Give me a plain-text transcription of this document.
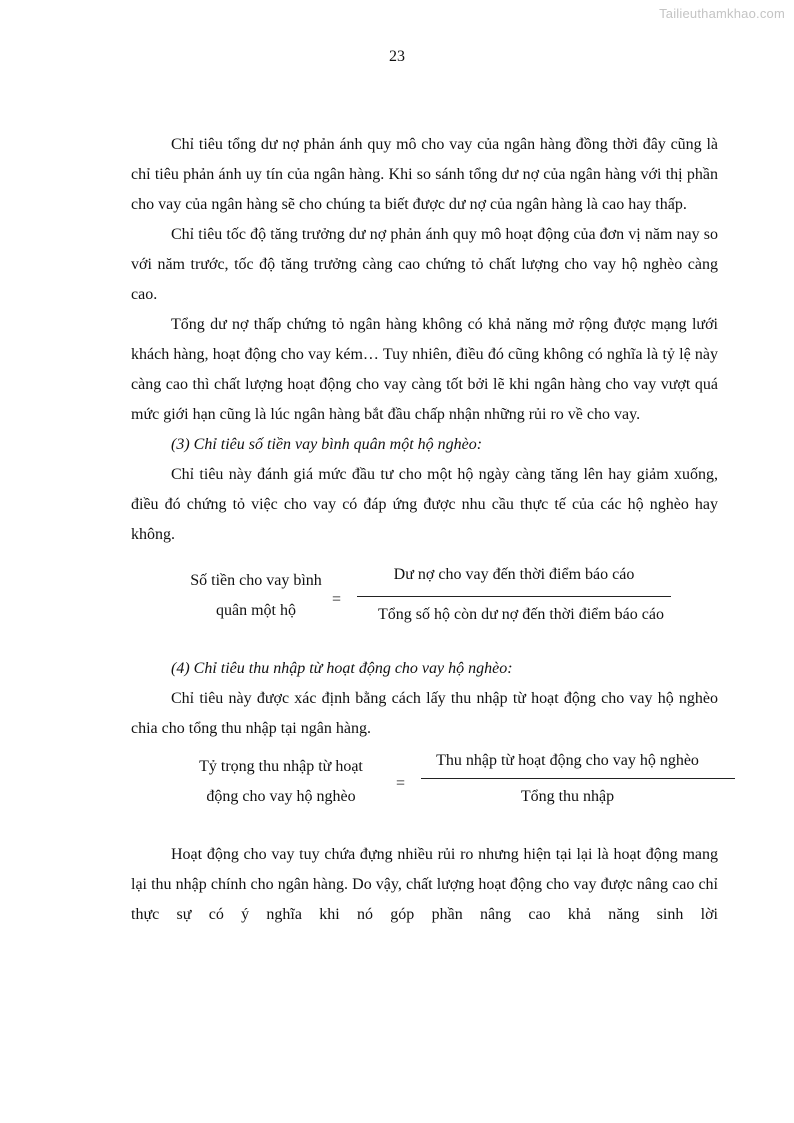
Tailieuthamkhao.com
23

Chỉ tiêu tổng dư nợ phản ánh quy mô cho vay của ngân hàng đồng thời đây cũng là chỉ tiêu phản ánh uy tín của ngân hàng. Khi so sánh tổng dư nợ của ngân hàng với thị phần cho vay của ngân hàng sẽ cho chúng ta biết được dư nợ của ngân hàng là cao hay thấp.

Chỉ tiêu tốc độ tăng trưởng dư nợ phản ánh quy mô hoạt động của đơn vị năm nay so với năm trước, tốc độ tăng trưởng càng cao chứng tỏ chất lượng cho vay hộ nghèo càng cao.

Tổng dư nợ thấp chứng tỏ ngân hàng không có khả năng mở rộng được mạng lưới khách hàng, hoạt động cho vay kém… Tuy nhiên, điều đó cũng không có nghĩa là tỷ lệ này càng cao thì chất lượng hoạt động cho vay càng tốt bởi lẽ khi ngân hàng cho vay vượt quá mức giới hạn cũng là lúc ngân hàng bắt đầu chấp nhận những rủi ro về cho vay.

(3) Chỉ tiêu số tiền vay bình quân một hộ nghèo:

Chỉ tiêu này đánh giá mức đầu tư cho một hộ ngày càng tăng lên hay giảm xuống, điều đó chứng tỏ việc cho vay có đáp ứng được nhu cầu thực tế của các hộ nghèo hay không.

Số tiền cho vay bình
quân một hộ
=
Dư nợ cho vay đến thời điểm báo cáo
Tổng số hộ còn dư nợ đến thời điểm báo cáo

(4) Chỉ tiêu thu nhập từ hoạt động cho vay hộ nghèo:

Chỉ tiêu này được xác định bằng cách lấy thu nhập từ hoạt động cho vay hộ nghèo chia cho tổng thu nhập tại ngân hàng.

Tỷ trọng thu nhập từ hoạt
động cho vay hộ nghèo
=
Thu nhập từ hoạt động cho vay hộ nghèo
Tổng thu nhập

Hoạt động cho vay tuy chứa đựng nhiều rủi ro nhưng hiện tại lại là hoạt động mang lại thu nhập chính cho ngân hàng. Do vậy, chất lượng hoạt động cho vay được nâng cao chỉ thực sự có ý nghĩa khi nó góp phần nâng cao khả năng sinh lời
